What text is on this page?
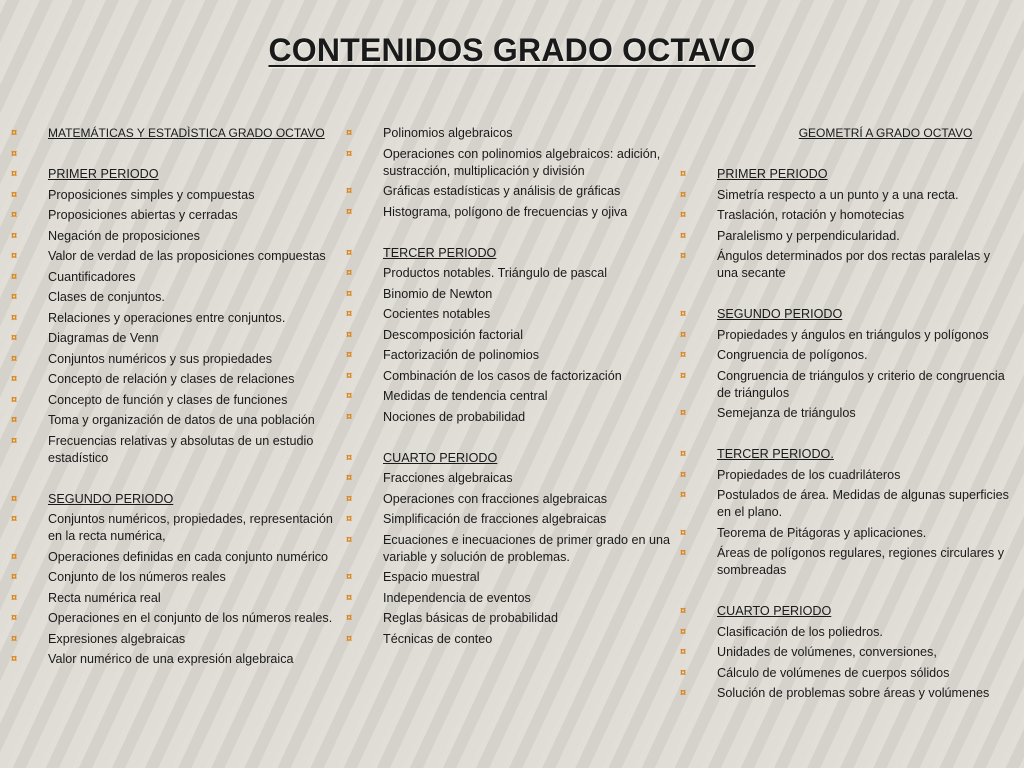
CONTENIDOS GRADO OCTAVO
¤	MATEMÁTICAS Y ESTADÌSTICA GRADO OCTAVO
¤
¤ PRIMER PERIODO
¤ Proposiciones simples y compuestas
¤ Proposiciones abiertas y cerradas
¤ Negación de proposiciones
¤ Valor de verdad de las proposiciones compuestas
¤ Cuantificadores
¤ Clases de conjuntos.
¤ Relaciones y operaciones entre conjuntos.
¤ Diagramas de Venn
¤ Conjuntos numéricos y sus propiedades
¤ Concepto de relación y clases de relaciones
¤ Concepto de función y clases de funciones
¤ Toma y organización de datos de una población
¤ Frecuencias relativas y absolutas de un estudio estadístico
¤ SEGUNDO PERIODO
¤ Conjuntos numéricos, propiedades, representación en la recta numérica,
¤ Operaciones definidas en cada conjunto numérico
¤ Conjunto de los números reales
¤ Recta numérica real
¤ Operaciones en el conjunto de los números reales.
¤ Expresiones algebraicas
¤ Valor numérico de una expresión algebraica
¤ Polinomios algebraicos
¤ Operaciones con polinomios algebraicos: adición, sustracción, multiplicación y división
¤ Gráficas estadísticas y análisis de gráficas
¤ Histograma, polígono de frecuencias y ojiva
¤ TERCER PERIODO
¤ Productos notables. Triángulo de pascal
¤ Binomio de Newton
¤ Cocientes notables
¤ Descomposición factorial
¤ Factorización de polinomios
¤ Combinación de los casos de factorización
¤ Medidas de tendencia central
¤ Nociones de probabilidad
¤ CUARTO PERIODO
¤ Fracciones algebraicas
¤ Operaciones con fracciones algebraicas
¤ Simplificación de fracciones algebraicas
¤ Ecuaciones e inecuaciones de primer grado en una variable y solución de problemas.
¤ Espacio muestral
¤ Independencia de eventos
¤ Reglas básicas de probabilidad
¤ Técnicas de conteo
GEOMETRÍ A GRADO OCTAVO
¤ PRIMER PERIODO
¤ Simetría respecto a un punto y a una recta.
¤ Traslación, rotación y homotecias
¤ Paralelismo y perpendicularidad.
¤ Ángulos determinados por dos rectas paralelas y una secante
¤ SEGUNDO PERIODO
¤ Propiedades y ángulos en triángulos y polígonos
¤ Congruencia de polígonos.
¤ Congruencia de triángulos y criterio de congruencia de triángulos
¤ Semejanza de triángulos
¤ TERCER PERIODO.
¤ Propiedades de los cuadriláteros
¤ Postulados de área. Medidas de algunas superficies en el plano.
¤ Teorema de Pitágoras y aplicaciones.
¤ Áreas de polígonos regulares, regiones circulares y sombreadas
¤ CUARTO PERIODO
¤ Clasificación de los poliedros.
¤ Unidades de volúmenes, conversiones,
¤ Cálculo de volúmenes de cuerpos sólidos
¤ Solución de problemas sobre áreas y volúmenes
